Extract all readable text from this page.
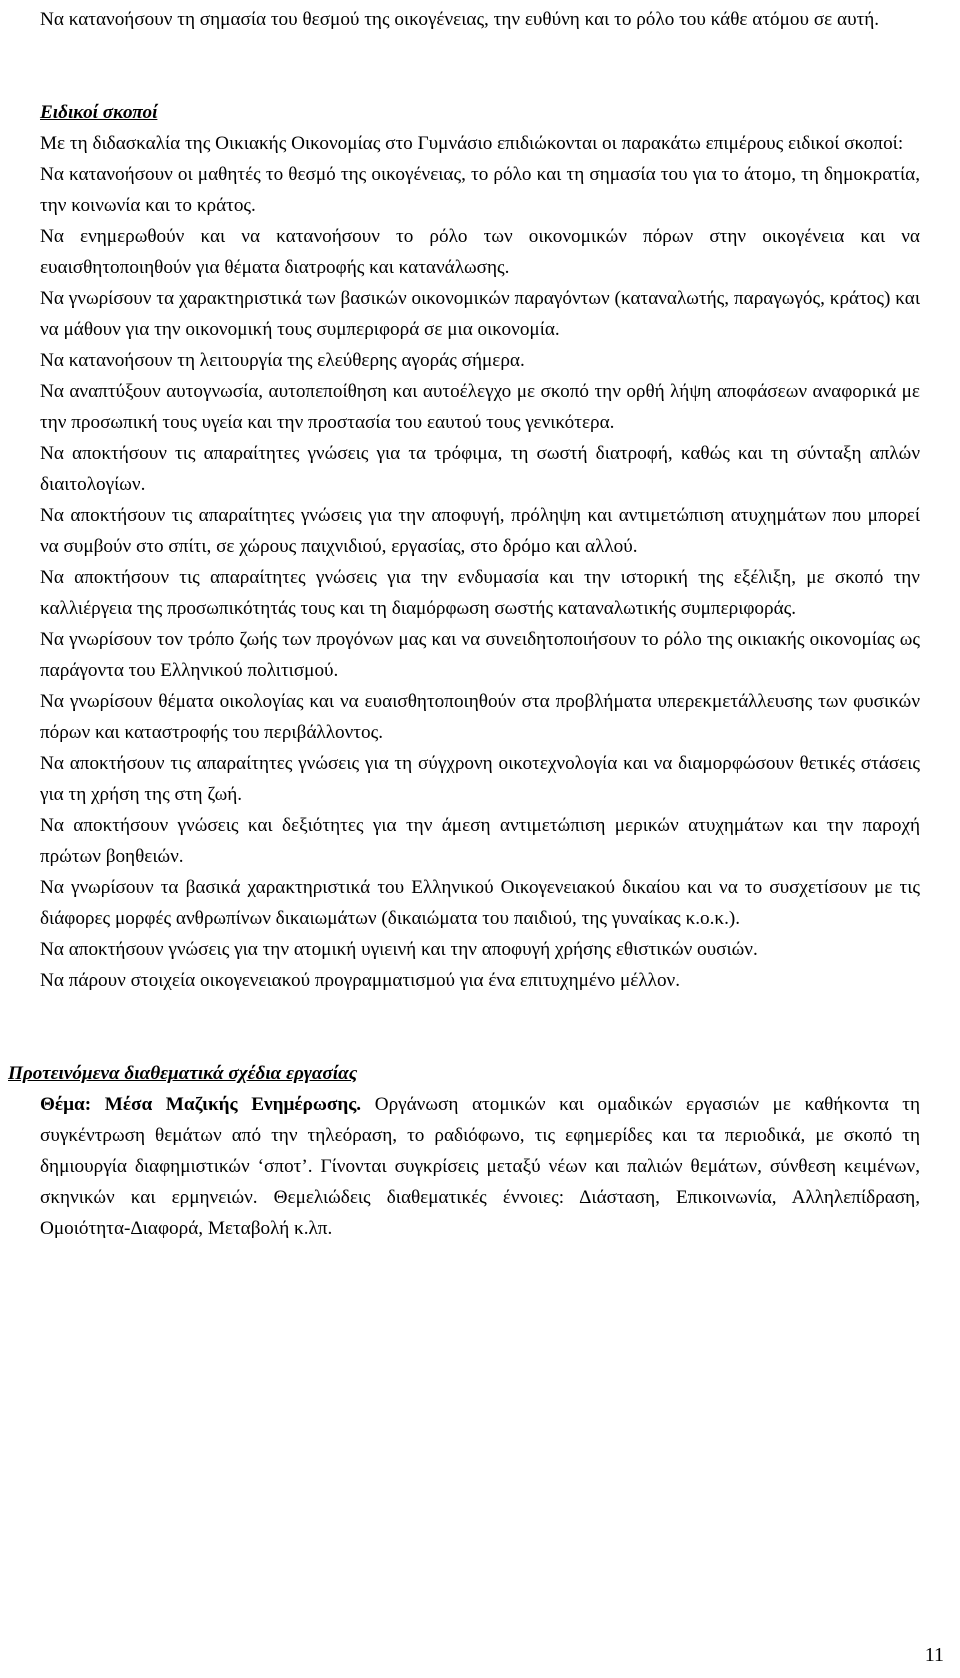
Να κατανοήσουν τη σημασία του θεσμού της οικογένειας, την ευθύνη και το ρόλο του κάθε ατόμου σε αυτή.

Ειδικοί σκοποί

Με τη διδασκαλία της Οικιακής Οικονομίας στο Γυμνάσιο επιδιώκονται οι παρακάτω επιμέρους ειδικοί σκοποί:

Να κατανοήσουν οι μαθητές το θεσμό της οικογένειας, το ρόλο και τη σημασία του για το άτομο, τη δημοκρατία, την κοινωνία και το κράτος.

Να ενημερωθούν και να κατανοήσουν το ρόλο των οικονομικών πόρων στην οικογένεια και να ευαισθητοποιηθούν για θέματα διατροφής και κατανάλωσης.

Να γνωρίσουν τα χαρακτηριστικά των βασικών οικονομικών παραγόντων (καταναλωτής, παραγωγός, κράτος) και να μάθουν για την οικονομική τους συμπεριφορά σε μια οικονομία.

Να κατανοήσουν τη λειτουργία της ελεύθερης αγοράς σήμερα.

Να αναπτύξουν αυτογνωσία, αυτοπεποίθηση και αυτοέλεγχο με σκοπό την ορθή λήψη αποφάσεων αναφορικά με την προσωπική τους υγεία και την προστασία του εαυτού τους γενικότερα.

Να αποκτήσουν τις απαραίτητες γνώσεις για τα τρόφιμα, τη σωστή διατροφή, καθώς και τη σύνταξη απλών διαιτολογίων.

Να αποκτήσουν τις απαραίτητες γνώσεις για την αποφυγή, πρόληψη και αντιμετώπιση ατυχημάτων που μπορεί να συμβούν στο σπίτι, σε χώρους παιχνιδιού, εργασίας, στο δρόμο και αλλού.

Να αποκτήσουν τις απαραίτητες γνώσεις για την ενδυμασία και την ιστορική της εξέλιξη, με σκοπό την καλλιέργεια της προσωπικότητάς τους και τη διαμόρφωση σωστής καταναλωτικής συμπεριφοράς.

Να γνωρίσουν τον τρόπο ζωής των προγόνων μας και να συνειδητοποιήσουν το ρόλο της οικιακής οικονομίας ως παράγοντα του Ελληνικού πολιτισμού.

Να γνωρίσουν θέματα οικολογίας και να ευαισθητοποιηθούν στα προβλήματα υπερεκμετάλλευσης των φυσικών πόρων και καταστροφής του περιβάλλοντος.

Να αποκτήσουν τις απαραίτητες γνώσεις για τη σύγχρονη οικοτεχνολογία και να διαμορφώσουν θετικές στάσεις για τη χρήση της στη ζωή.

Να αποκτήσουν γνώσεις και δεξιότητες για την άμεση αντιμετώπιση μερικών ατυχημάτων και την παροχή πρώτων βοηθειών.

Να γνωρίσουν τα βασικά χαρακτηριστικά του Ελληνικού Οικογενειακού δικαίου και να το συσχετίσουν με τις διάφορες μορφές ανθρωπίνων δικαιωμάτων (δικαιώματα του παιδιού, της γυναίκας κ.ο.κ.).

Να αποκτήσουν γνώσεις για την ατομική υγιεινή και την αποφυγή χρήσης εθιστικών ουσιών.

Να πάρουν στοιχεία οικογενειακού προγραμματισμού για ένα επιτυχημένο μέλλον.

Προτεινόμενα διαθεματικά σχέδια εργασίας

Θέμα: Μέσα Μαζικής Ενημέρωσης. Οργάνωση ατομικών και ομαδικών εργασιών με καθήκοντα τη συγκέντρωση θεμάτων από την τηλεόραση, το ραδιόφωνο, τις εφημερίδες και τα περιοδικά, με σκοπό τη δημιουργία διαφημιστικών ‘σποτ’. Γίνονται συγκρίσεις μεταξύ νέων και παλιών θεμάτων, σύνθεση κειμένων, σκηνικών και ερμηνειών. Θεμελιώδεις διαθεματικές έννοιες: Διάσταση, Επικοινωνία, Αλληλεπίδραση, Ομοιότητα-Διαφορά, Μεταβολή κ.λπ.

11
